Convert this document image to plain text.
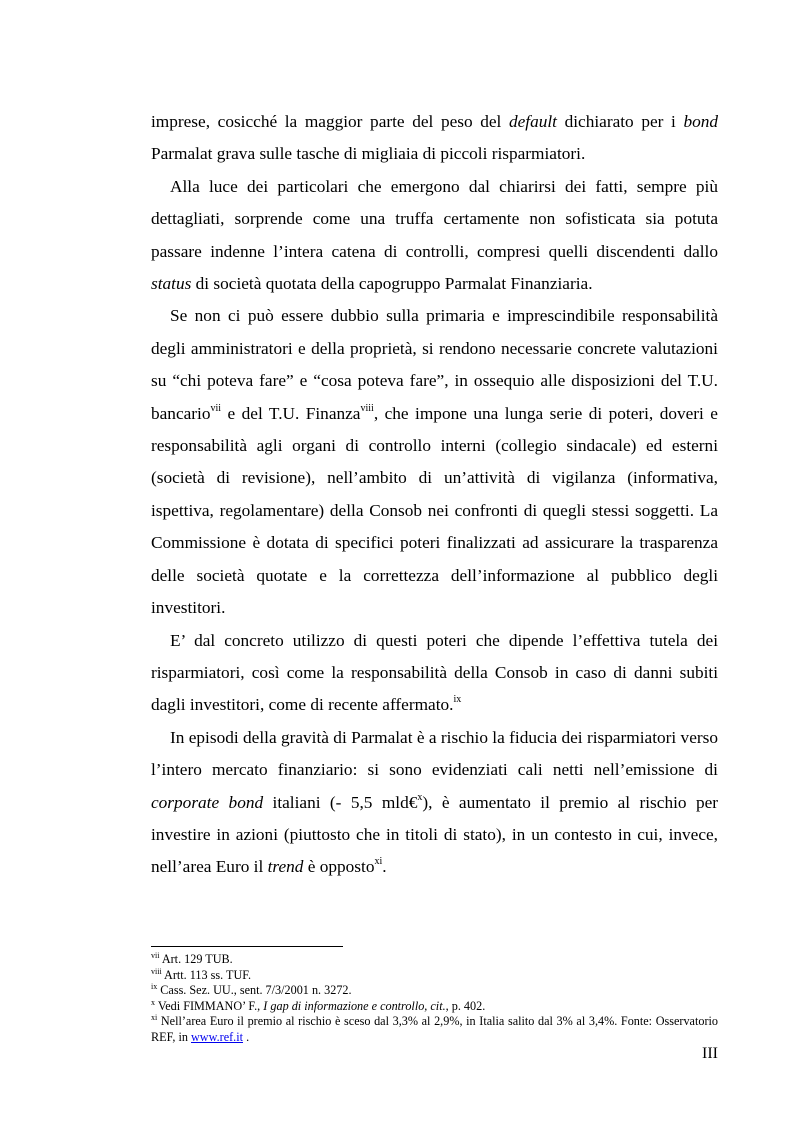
imprese, cosicché la maggior parte del peso del default dichiarato per i bond Parmalat grava sulle tasche di migliaia di piccoli risparmiatori.

Alla luce dei particolari che emergono dal chiarirsi dei fatti, sempre più dettagliati, sorprende come una truffa certamente non sofisticata sia potuta passare indenne l’intera catena di controlli, compresi quelli discendenti dallo status di società quotata della capogruppo Parmalat Finanziaria.

Se non ci può essere dubbio sulla primaria e imprescindibile responsabilità degli amministratori e della proprietà, si rendono necessarie concrete valutazioni su “chi poteva fare” e “cosa poteva fare”, in ossequio alle disposizioni del T.U. bancario$^{vii}$ e del T.U. Finanza$^{viii}$, che impone una lunga serie di poteri, doveri e responsabilità agli organi di controllo interni (collegio sindacale) ed esterni (società di revisione), nell’ambito di un’attività di vigilanza (informativa, ispettiva, regolamentare) della Consob nei confronti di quegli stessi soggetti. La Commissione è dotata di specifici poteri finalizzati ad assicurare la trasparenza delle società quotate e la correttezza dell’informazione al pubblico degli investitori.

E’ dal concreto utilizzo di questi poteri che dipende l’effettiva tutela dei risparmiatori, così come la responsabilità della Consob in caso di danni subiti dagli investitori, come di recente affermato.$^{ix}$

In episodi della gravità di Parmalat è a rischio la fiducia dei risparmiatori verso l’intero mercato finanziario: si sono evidenziati cali netti nell’emissione di corporate bond italiani (- 5,5 mld€$^x$), è aumentato il premio al rischio per investire in azioni (piuttosto che in titoli di stato), in un contesto in cui, invece, nell’area Euro il trend è opposto$^{xi}$.

$^{vii}$ Art. 129 TUB.

$^{viii}$ Artt. 113 ss. TUF.

$^{ix}$ Cass. Sez. UU., sent. 7/3/2001 n. 3272.

$^x$ Vedi FIMMANO’ F., I gap di informazione e controllo, cit., p. 402.

$^{xi}$ Nell’area Euro il premio al rischio è sceso dal 3,3% al 2,9%, in Italia salito dal 3% al 3,4%. Fonte: Osservatorio REF, in www.ref.it .

III
